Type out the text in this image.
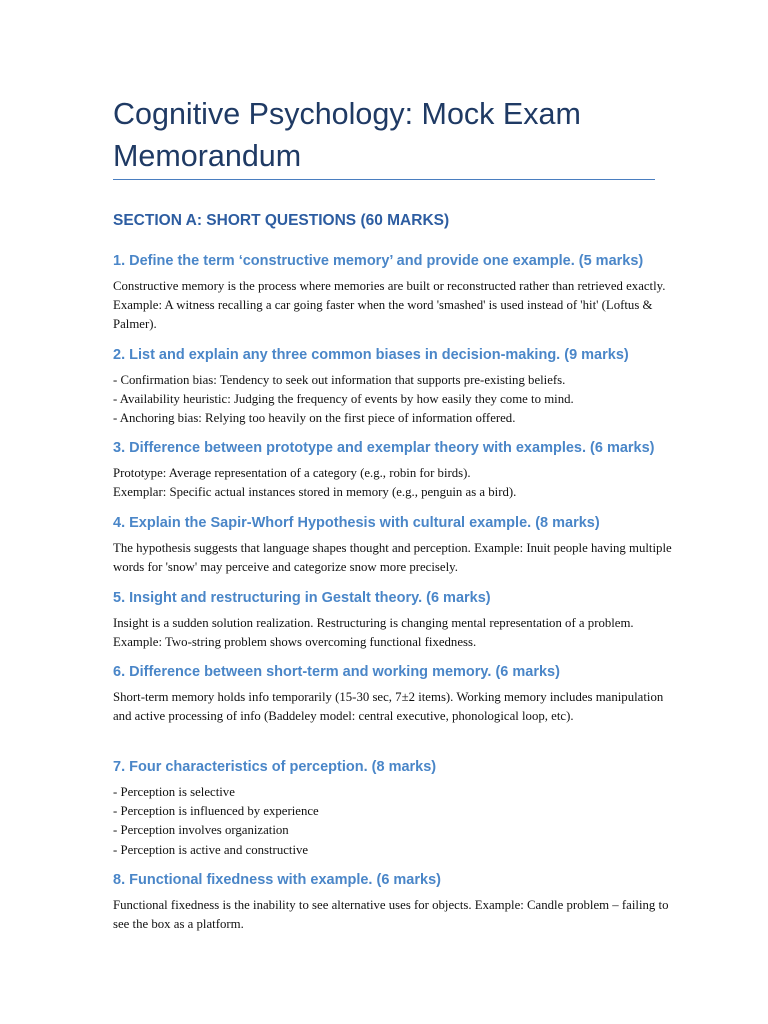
Cognitive Psychology: Mock Exam Memorandum
SECTION A: SHORT QUESTIONS (60 MARKS)
1. Define the term ‘constructive memory’ and provide one example. (5 marks)

Constructive memory is the process where memories are built or reconstructed rather than retrieved exactly. Example: A witness recalling a car going faster when the word 'smashed' is used instead of 'hit' (Loftus & Palmer).

2. List and explain any three common biases in decision-making. (9 marks)
- Confirmation bias: Tendency to seek out information that supports pre-existing beliefs.
- Availability heuristic: Judging the frequency of events by how easily they come to mind.
- Anchoring bias: Relying too heavily on the first piece of information offered.
3. Difference between prototype and exemplar theory with examples. (6 marks)
Prototype: Average representation of a category (e.g., robin for birds).
Exemplar: Specific actual instances stored in memory (e.g., penguin as a bird).
4. Explain the Sapir-Whorf Hypothesis with cultural example. (8 marks)

The hypothesis suggests that language shapes thought and perception. Example: Inuit people having multiple words for 'snow' may perceive and categorize snow more precisely.

5. Insight and restructuring in Gestalt theory. (6 marks)

Insight is a sudden solution realization. Restructuring is changing mental representation of a problem. Example: Two-string problem shows overcoming functional fixedness.

6. Difference between short-term and working memory. (6 marks)

Short-term memory holds info temporarily (15-30 sec, 7±2 items). Working memory includes manipulation and active processing of info (Baddeley model: central executive, phonological loop, etc).

7. Four characteristics of perception. (8 marks)
- Perception is selective
- Perception is influenced by experience
- Perception involves organization
- Perception is active and constructive
8. Functional fixedness with example. (6 marks)

Functional fixedness is the inability to see alternative uses for objects. Example: Candle problem – failing to see the box as a platform.
